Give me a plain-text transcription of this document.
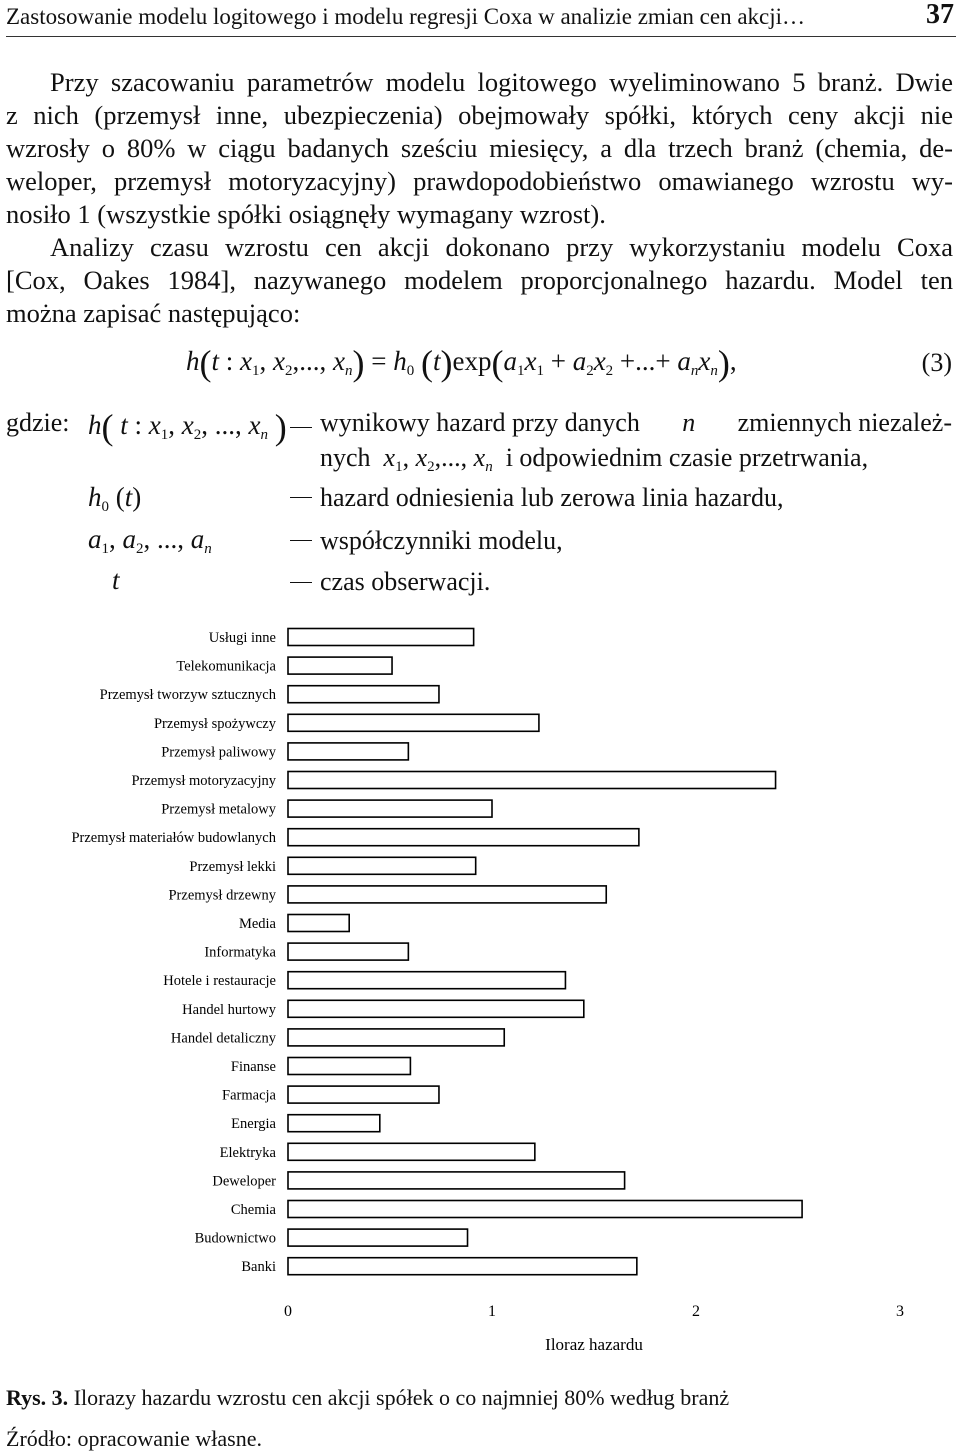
Zastosowanie modelu logitowego i modelu regresji Coxa w analizie zmian cen akcji…	37
Przy szacowaniu parametrów modelu logitowego wyeliminowano 5 branż. Dwie
z nich (przemysł inne, ubezpieczenia) obejmowały spółki, których ceny akcji nie
wzrosły o 80% w ciągu badanych sześciu miesięcy, a dla trzech branż (chemia, de-
weloper, przemysł motoryzacyjny) prawdopodobieństwo omawianego wzrostu wy-
nosiło 1 (wszystkie spółki osiągnęły wymagany wzrost).
Analizy czasu wzrostu cen akcji dokonano przy wykorzystaniu modelu Coxa
[Cox, Oakes 1984], nazywanego modelem proporcjonalnego hazardu. Model ten
można zapisać następująco:
h(t : $x_1$, $x_2$,..., $x_n) = h_0$ $(t)\exp(a_1x_1 + a_2x_2$ +...+ $a_nx_n$),	(3)
gdzie: h( t : $x_1$, $x_2$, ..., $x_n$ ) wynikowy hazard przy danych n zmiennych niezależ-
nych $x_1$, $x_2$,..., $x_n$ i odpowiednim czasie przetrwania,
$h_0$ (t)	hazard odniesienia lub zerowa linia hazardu,
$a_1$, $a_2$, ..., $a_n$	współczynniki modelu,
t	czas obserwacji.
Usługi inne
Telekomunikacja
Przemysł tworzyw sztucznych
Przemysł spożywczy
Przemysł paliwowy
Przemysł motoryzacyjny
Przemysł metalowy
Przemysł materiałów budowlanych
Przemysł lekki
Przemysł drzewny
Media
Informatyka
Hotele i restauracje
Handel hurtowy
Handel detaliczny
Finanse
Farmacja
Energia
Elektryka
Deweloper
Chemia
Budownictwo
Banki
0	1	2	3
Iloraz hazardu
Rys. 3. Ilorazy hazardu wzrostu cen akcji spółek o co najmniej 80% według branż
Źródło: opracowanie własne.
